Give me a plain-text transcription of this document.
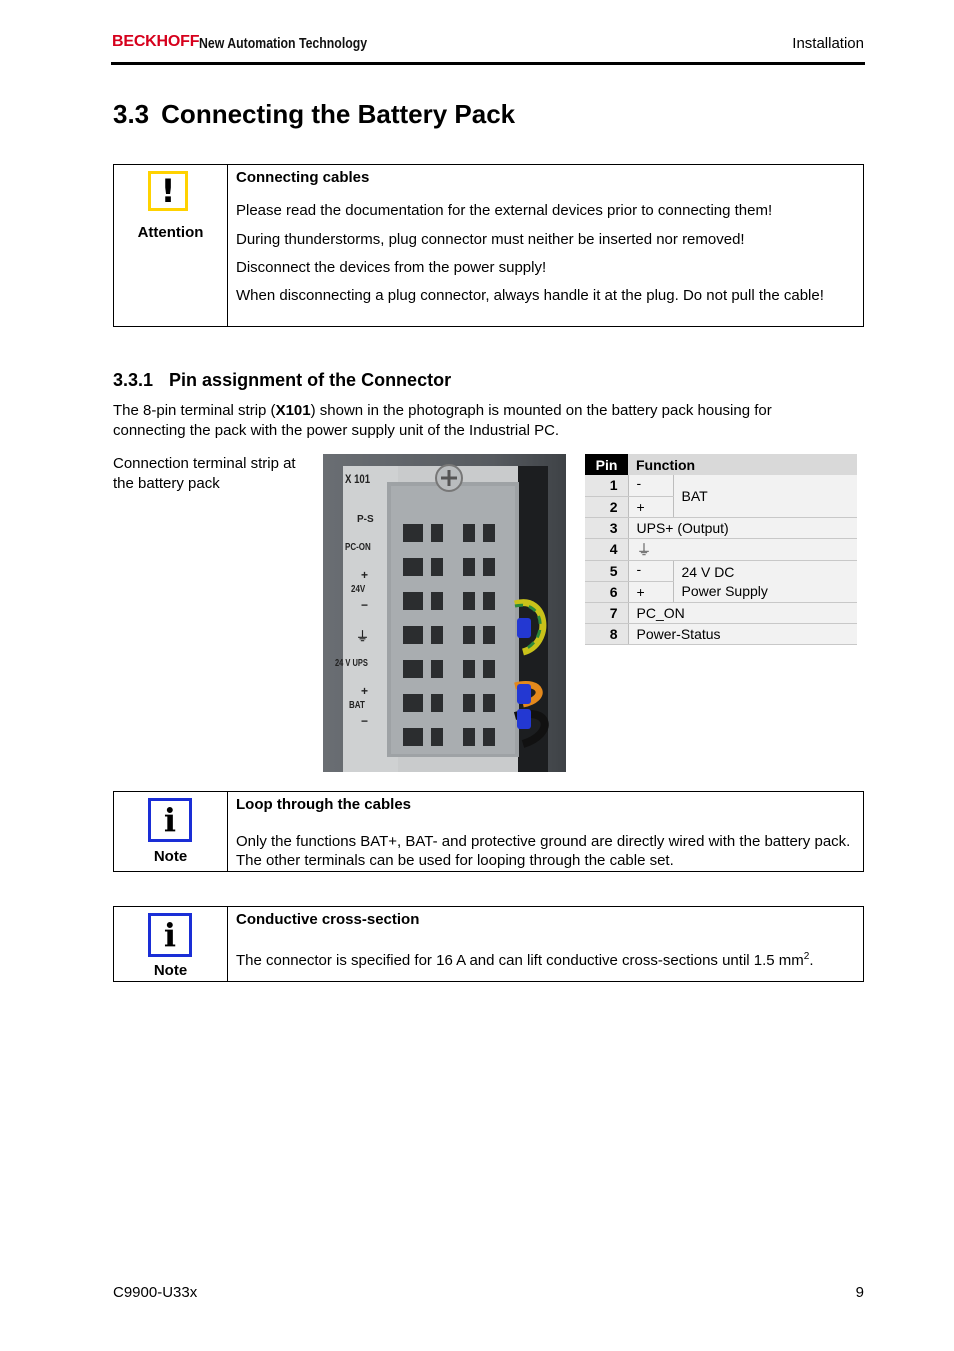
BECKHOFF New Automation Technology	Installation
3.3 Connecting the Battery Pack
!
Attention

Connecting cables

Please read the documentation for the external devices prior to connecting them!

During thunderstorms, plug connector must neither be inserted nor removed!

Disconnect the devices from the power supply!

When disconnecting a plug connector, always handle it at the plug. Do not pull the cable!

3.3.1 Pin assignment of the Connector
The 8-pin terminal strip (X101) shown in the photograph is mounted on the battery pack housing for connecting the pack with the power supply unit of the Industrial PC.
Connection terminal strip at the battery pack	X 101
P-S
PC-ON
+
24V
−
⏚
24 V UPS
+
BAT
−
Pin	Function	
1	-	BAT
2	+	
3	UPS+ (Output)	
4	⏚	
5	-	24 V DC
Power Supply
6	+	
7	PC_ON	
8	Power-Status	
i
Note

Loop through the cables

Only the functions BAT+, BAT- and protective ground are directly wired with the battery pack. The other terminals can be used for looping through the cable set.

i
Note

Conductive cross-section

The connector is specified for 16 A and can lift conductive cross-sections until 1.5 $mm^2$.

C9900-U33x	9
